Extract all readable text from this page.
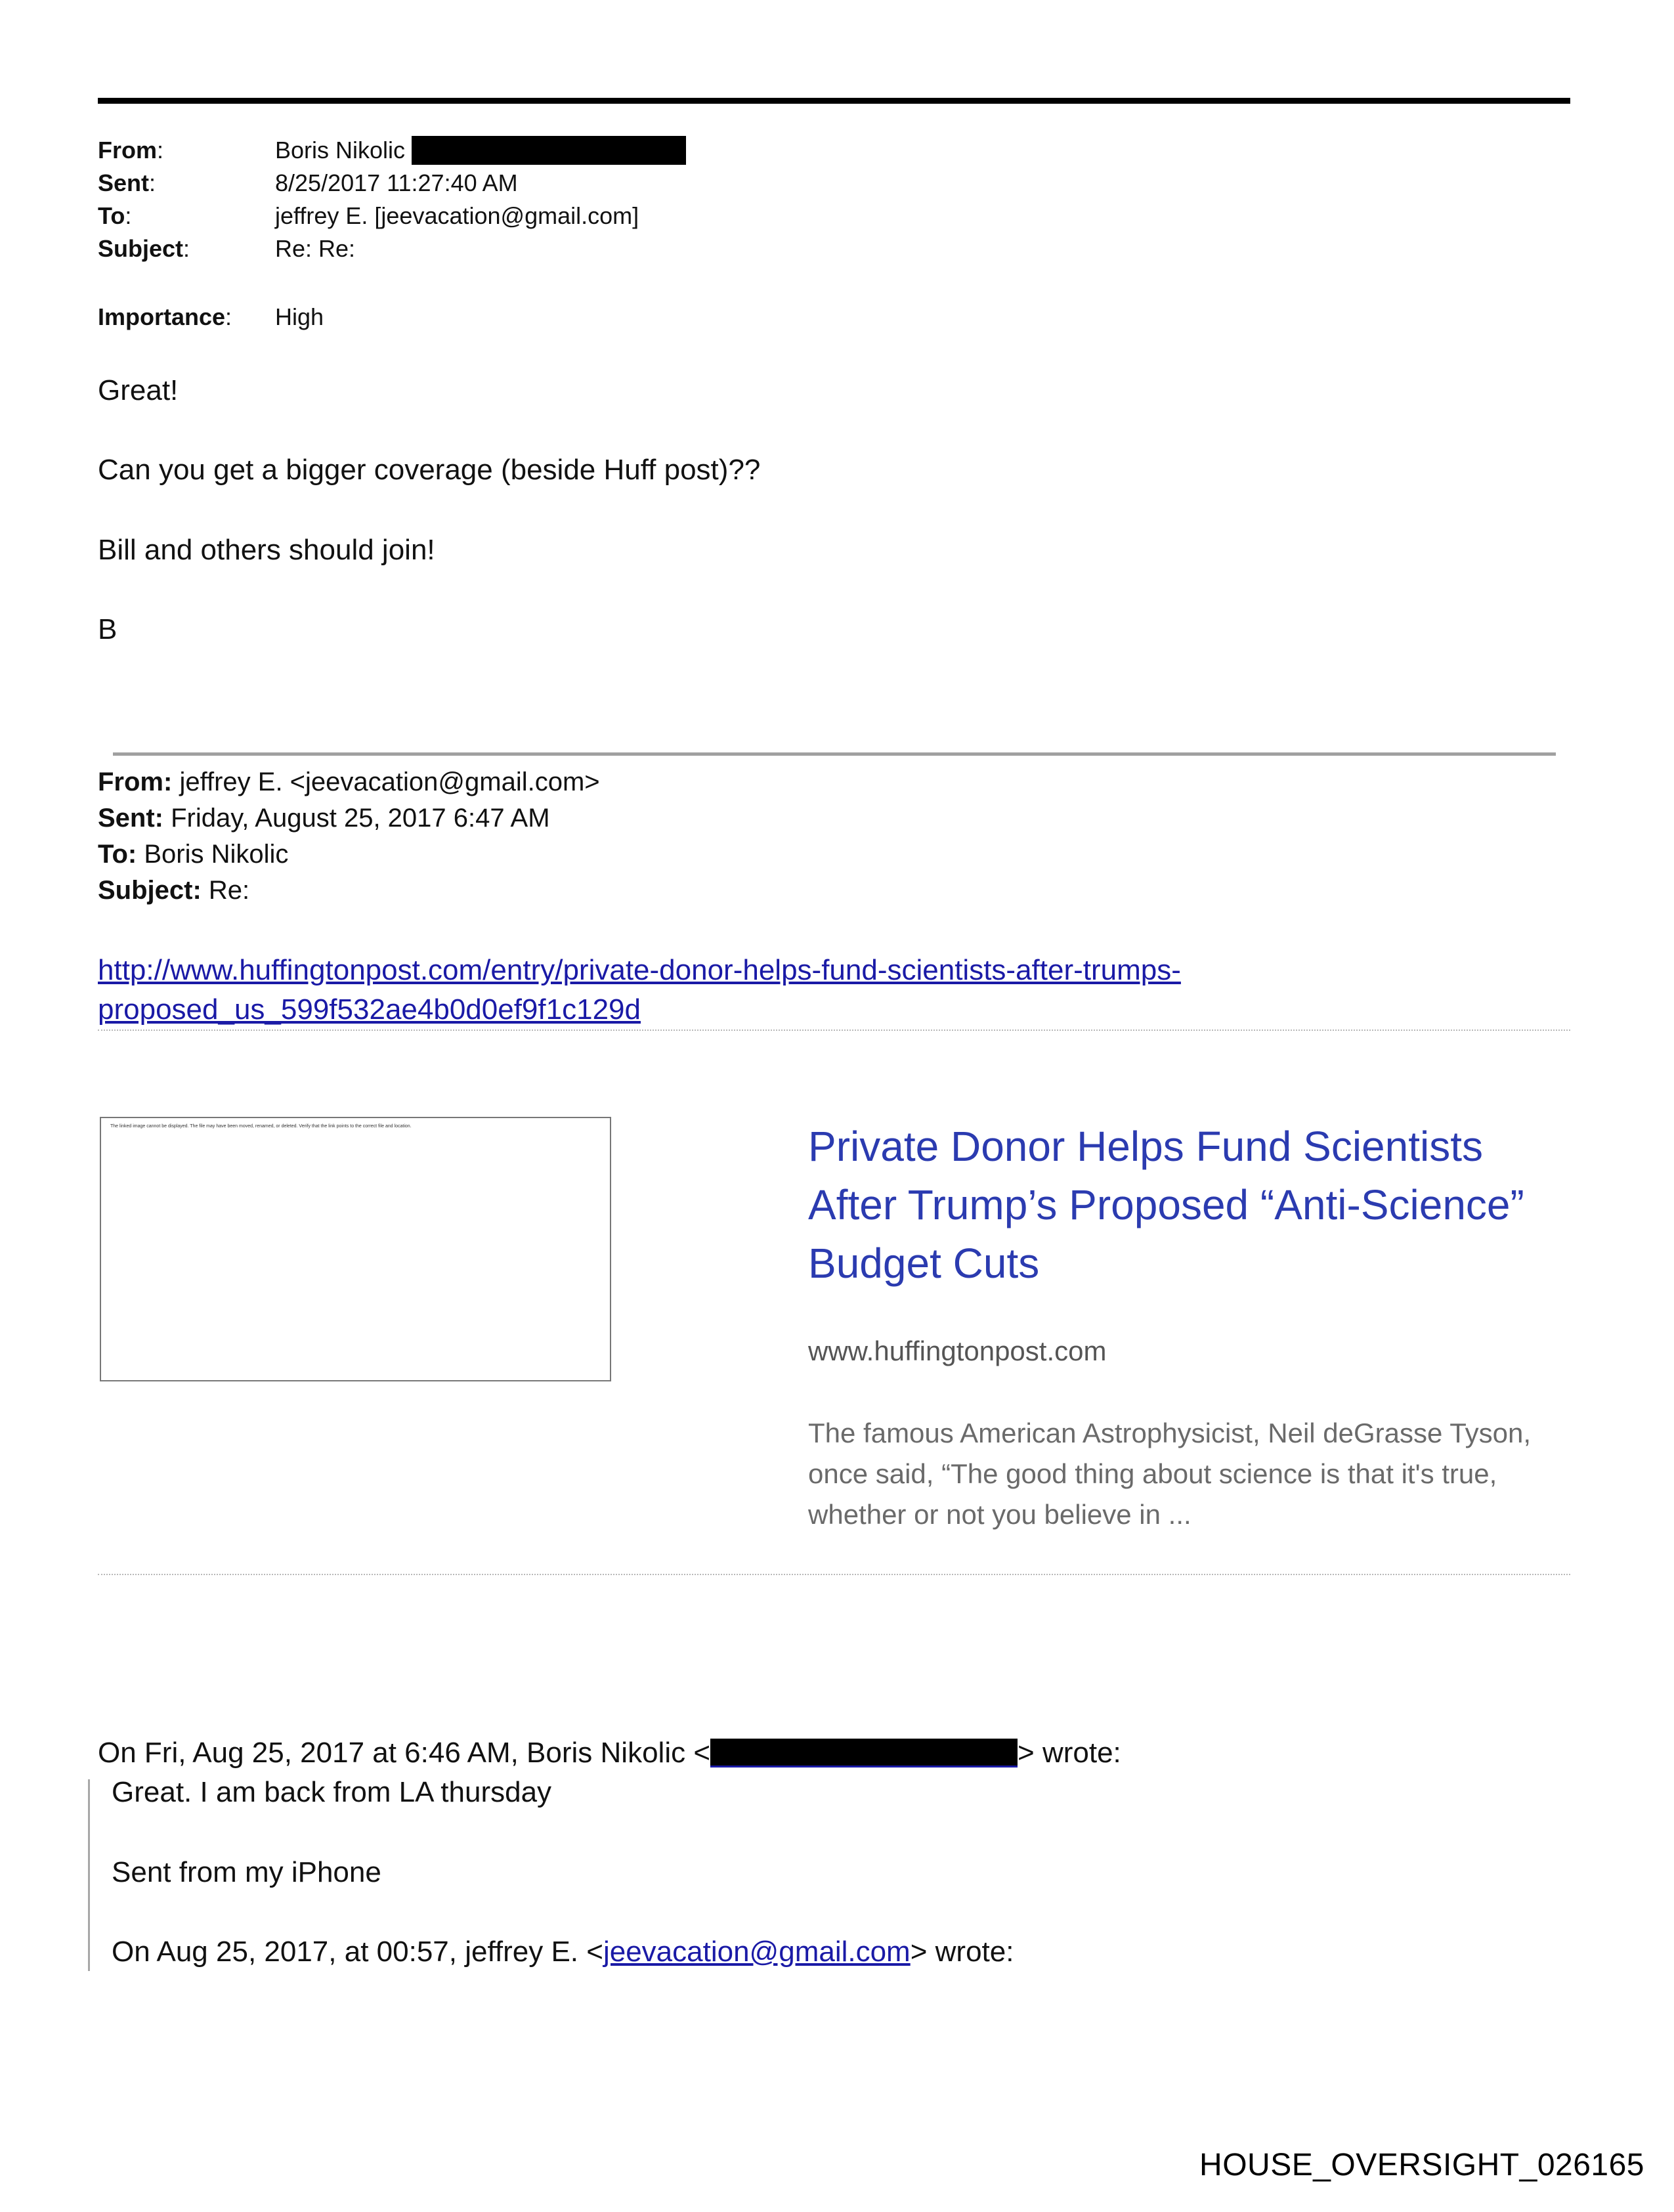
From:	Boris Nikolic
Sent:	8/25/2017 11:27:40 AM
To:	jeffrey E. [jeevacation@gmail.com]
Subject:	Re: Re:
Importance:	High
Great!
Can you get a bigger coverage (beside Huff post)??
Bill and others should join!
B
From: jeffrey E. <jeevacation@gmail.com>
Sent: Friday, August 25, 2017 6:47 AM
To: Boris Nikolic
Subject: Re:
http://www.huffingtonpost.com/entry/private-donor-helps-fund-scientists-after-trumps-
proposed_us_599f532ae4b0d0ef9f1c129d
The linked image cannot be displayed. The file may have been moved, renamed, or deleted. Verify that the link points to the correct file and location.	Private Donor Helps Fund Scientists After Trump’s Proposed “Anti-Science” Budget Cuts
www.huffingtonpost.com
The famous American Astrophysicist, Neil deGrasse Tyson, once said, “The good thing about science is that it's true, whether or not you believe in ...
On Fri, Aug 25, 2017 at 6:46 AM, Boris Nikolic <	> wrote:
Great. I am back from LA thursday
Sent from my iPhone
On Aug 25, 2017, at 00:57, jeffrey E. <jeevacation@gmail.com> wrote:
HOUSE_OVERSIGHT_026165
